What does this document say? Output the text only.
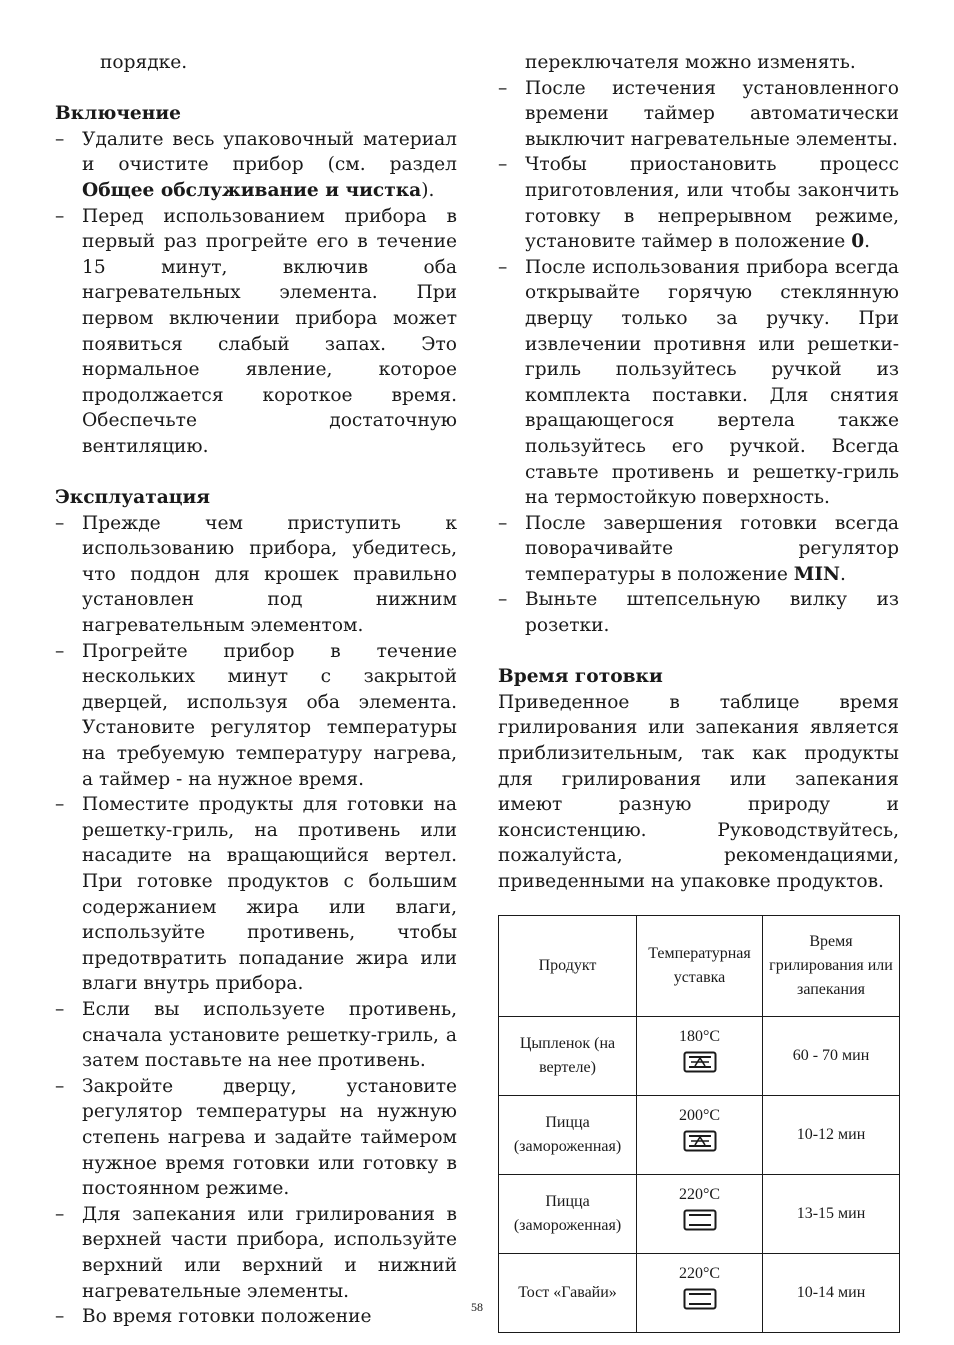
порядке.

Включение

– Удалите весь упаковочный материал и очистите прибор (см. раздел Общее обслуживание и чистка).
– Перед использованием прибора в первый раз прогрейте его в течение 15 минут, включив оба нагревательных элемента. При первом включении прибора может появиться слабый запах. Это нормальное явление, которое продолжается короткое время. Обеспечьте достаточную вентиляцию.

Эксплуатация

– Прежде чем приступить к использованию прибора, убедитесь, что поддон для крошек правильно установлен под нижним нагревательным элементом.
– Прогрейте прибор в течение нескольких минут с закрытой дверцей, используя оба элемента. Установите регулятор температуры на требуемую температуру нагрева, а таймер - на нужное время.
– Поместите продукты для готовки на решетку-гриль, на противень или насадите на вращающийся вертел. При готовке продуктов с большим содержанием жира или влаги, используйте противень, чтобы предотвратить попадание жира или влаги внутрь прибора.
– Если вы используете противень, сначала установите решетку-гриль, а затем поставьте на нее противень.
– Закройте дверцу, установите регулятор температуры на нужную степень нагрева и задайте таймером нужное время готовки или готовку в постоянном режиме.
– Для запекания или грилирования в верхней части прибора, используйте верхний или верхний и нижний нагревательные элементы.
– Во время готовки положение

переключателя можно изменять.

– После истечения установленного времени таймер автоматически выключит нагревательные элементы.
– Чтобы приостановить процесс приготовления, или чтобы закончить готовку в непрерывном режиме, установите таймер в положение 0.
– После использования прибора всегда открывайте горячую стеклянную дверцу только за ручку. При извлечении противня или решетки-гриль пользуйтесь ручкой из комплекта поставки. Для снятия вращающегося вертела также пользуйтесь его ручкой. Всегда ставьте противень и решетку-гриль на термостойкую поверхность.
– После завершения готовки всегда поворачивайте регулятор температуры в положение MIN.
– Выньте штепсельную вилку из розетки.

Время готовки

Приведенное в таблице время грилирования или запекания является приблизительным, так как продукты для грилирования или запекания имеют разную природу и консистенцию. Руководствуйтесь, пожалуйста, рекомендациями, приведенными на упаковке продуктов.

Продукт	Температурная уставка	Время грилирования или запекания
Цыпленок (на вертеле)	180°C	60 - 70 мин
Пицца (замороженная)	200°C	10-12 мин
Пицца (замороженная)	220°C	13-15 мин
Тост «Гавайи»	220°C	10-14 мин
58
